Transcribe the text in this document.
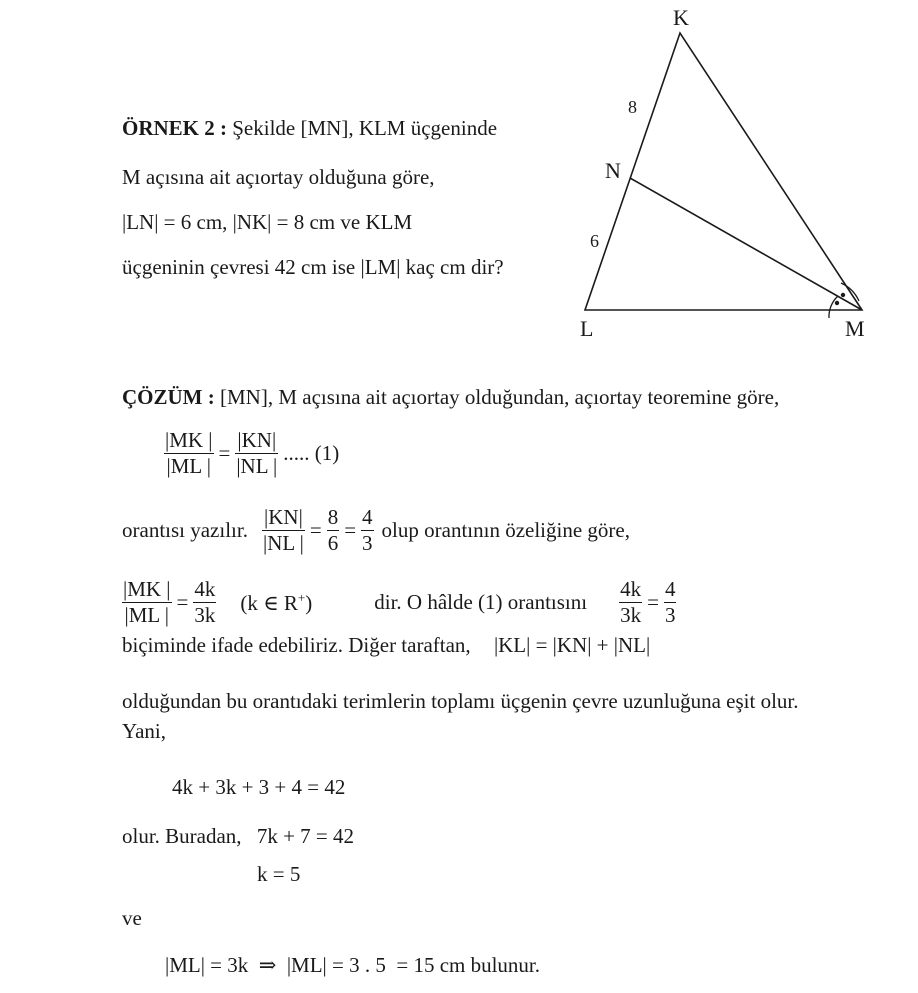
ÖRNEK 2 : Şekilde [MN], KLM üçgeninde
M açısına ait açıortay olduğuna göre,
|LN| = 6 cm, |NK| = 8 cm ve KLM
üçgeninin çevresi 42 cm ise |LM| kaç cm dir?
K
N
L	M
8
6
ÇÖZÜM : [MN], M açısına ait açıortay olduğundan, açıortay teoremine göre,
$\frac{|MK |}{|ML |} = \frac{|KN|}{|NL |}$ ..... (1)
orantısı yazılır. $\frac{|KN|}{|NL |} = \frac{8}{6} = \frac{4}{3}$ olup orantının özeliğine göre,
$\frac{|MK |}{|ML |} = \frac{4k}{3k} (k$ ∈ R+)	dir. O hâlde (1) orantısını $\frac{4k}{3k} = \frac{4}{3}$
biçiminde ifade edebiliriz. Diğer taraftan, |KL| = |KN| + |NL|
olduğundan bu orantıdaki terimlerin toplamı üçgenin çevre uzunluğuna eşit olur.
Yani,
4k + 3k + 3 + 4 = 42
olur. Buradan, 7k + 7 = 42
k = 5
ve
|ML| = 3k  ⇒  |ML| = 3 . 5  = 15 cm bulunur.
